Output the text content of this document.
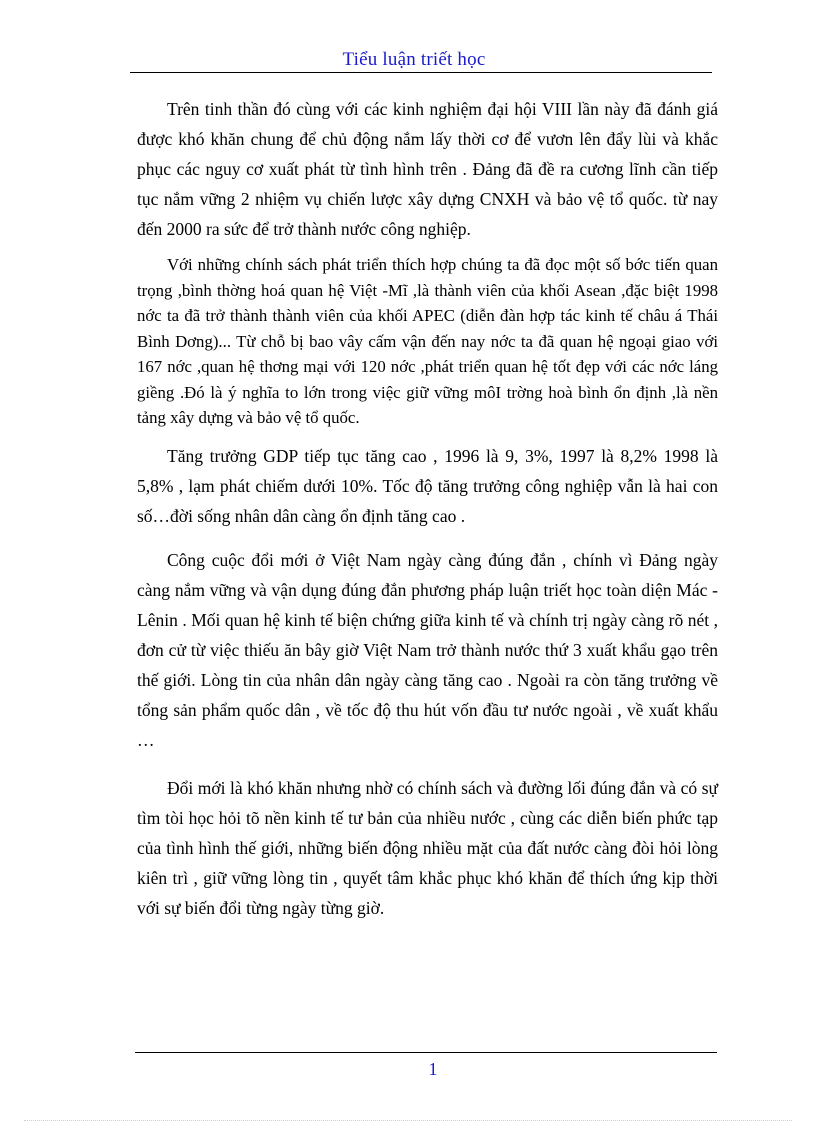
Tiểu luận triết học

Trên tinh thần đó cùng với các kinh nghiệm đại hội VIII lần này đã đánh giá được khó khăn chung để chủ động nắm lấy thời cơ để vươn lên đẩy lùi và khắc phục các nguy cơ xuất phát từ tình hình trên . Đảng đã đề ra cương lĩnh cần tiếp tục nắm vững 2 nhiệm vụ chiến lược xây dựng CNXH và bảo vệ tổ quốc. từ nay đến 2000 ra sức để trở thành nước công nghiệp.

Với những chính sách phát triển thích hợp chúng ta đã đọc một số bớc tiến quan trọng ,bình thờng hoá quan hệ Việt -Mĩ ,là thành viên của khối Asean ,đặc biệt 1998 nớc ta đã trở thành thành viên của khối APEC (diễn đàn hợp tác kinh tế châu á Thái Bình Dơng)... Từ chỗ bị bao vây cấm vận đến nay nớc ta đã quan hệ ngoại giao với 167 nớc ,quan hệ thơng mại với 120 nớc ,phát triển quan hệ tốt đẹp với các nớc láng giềng .Đó là ý nghĩa to lớn trong việc giữ vững môI trờng hoà bình ổn định ,là nền tảng xây dựng và bảo vệ tổ quốc.

Tăng trưởng GDP tiếp tục tăng cao , 1996 là 9, 3%, 1997 là 8,2% 1998 là 5,8% , lạm phát chiếm dưới 10%. Tốc độ tăng trưởng công nghiệp vẫn là hai con số…đời sống nhân dân càng ổn định tăng cao .

Công cuộc đổi mới ở Việt Nam ngày càng đúng đắn , chính vì Đảng ngày càng nắm vững và vận dụng đúng đắn phương pháp luận triết học toàn diện Mác - Lênin . Mối quan hệ kinh tế biện chứng giữa kinh tế và chính trị ngày càng rõ nét , đơn cử từ việc thiếu ăn bây giờ Việt Nam trở thành nước thứ 3 xuất khẩu gạo trên thế giới. Lòng tin của nhân dân ngày càng tăng cao . Ngoài ra còn tăng trưởng về tổng sản phẩm quốc dân , về tốc độ thu hút vốn đầu tư nước ngoài , về xuất khẩu …

Đổi mới là khó khăn nhưng nhờ có chính sách và đường lối đúng đắn và có sự tìm tòi học hỏi tõ nền kinh tế tư bản của nhiều nước , cùng các diễn biến phức tạp của tình hình thế giới, những biến động nhiều mặt của đất nước càng đòi hỏi lòng kiên trì , giữ vững lòng tin , quyết tâm khắc phục khó khăn để thích ứng kịp thời với sự biến đổi từng ngày từng giờ.

1
